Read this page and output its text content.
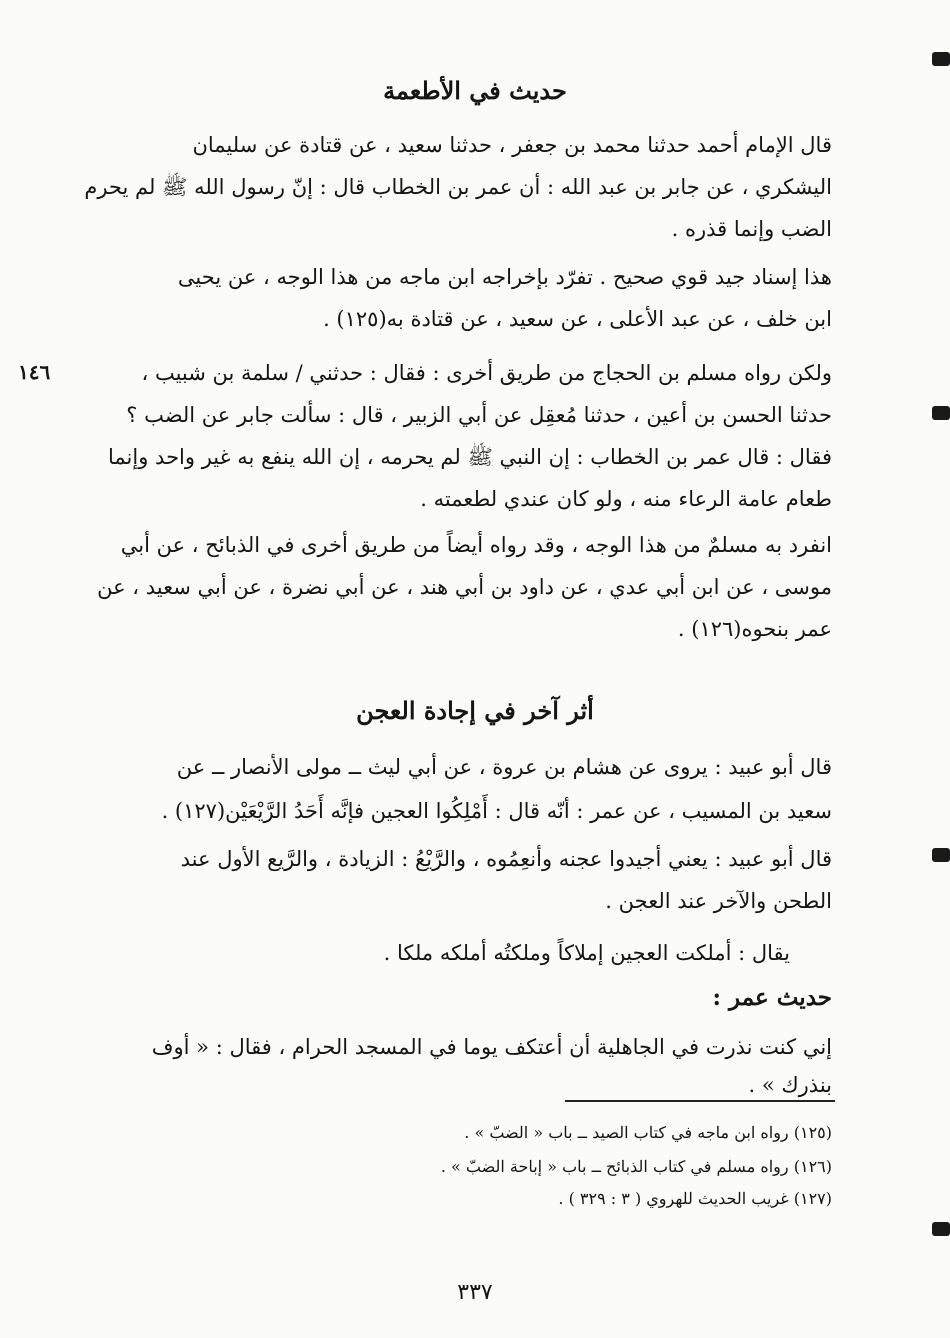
حديث في الأطعمة

قال الإمام أحمد حدثنا محمد بن جعفر ، حدثنا سعيد ، عن قتادة عن سليمان

اليشكري ، عن جابر بن عبد الله : أن عمر بن الخطاب قال : إنّ رسول الله ﷺ لم يحرم

الضب وإنما قذره .

هذا إسناد جيد قوي صحيح . تفرّد بإخراجه ابن ماجه من هذا الوجه ، عن يحيى

ابن خلف ، عن عبد الأعلى ، عن سعيد ، عن قتادة به(١٢٥) .

١٤٦	ولكن رواه مسلم بن الحجاج من طريق أخرى : فقال : حدثني / سلمة بن شبيب ،

حدثنا الحسن بن أعين ، حدثنا مُعقِل عن أبي الزبير ، قال : سألت جابر عن الضب ؟

فقال : قال عمر بن الخطاب : إن النبي ﷺ لم يحرمه ، إن الله ينفع به غير واحد وإنما

طعام عامة الرعاء منه ، ولو كان عندي لطعمته .

انفرد به مسلمٌ من هذا الوجه ، وقد رواه أيضاً من طريق أخرى في الذبائح ، عن أبي

موسى ، عن ابن أبي عدي ، عن داود بن أبي هند ، عن أبي نضرة ، عن أبي سعيد ، عن

عمر بنحوه(١٢٦) .

أثر آخر في إجادة العجن

قال أبو عبيد : يروى عن هشام بن عروة ، عن أبي ليث ــ مولى الأنصار ــ عن

سعيد بن المسيب ، عن عمر : أنّه قال : أَمْلِكُوا العجين فإنَّه أَحَدُ الرَّيْعَيْن(١٢٧) .

قال أبو عبيد : يعني أجيدوا عجنه وأنعِمُوه ، والرَّيْعُ : الزيادة ، والرَّيع الأول عند

الطحن والآخر عند العجن .

يقال : أملكت العجين إملاكاً وملكتُه أملكه ملكا .

حديث عمر :

إني كنت نذرت في الجاهلية أن أعتكف يوما في المسجد الحرام ، فقال : « أوف

بنذرك » .

(١٢٥) رواه ابن ماجه في كتاب الصيد ــ باب « الضبّ » .
(١٢٦) رواه مسلم في كتاب الذبائح ــ باب « إباحة الضبّ » .
(١٢٧) غريب الحديث للهروي ( ٣ : ٣٢٩ ) .
٣٣٧
